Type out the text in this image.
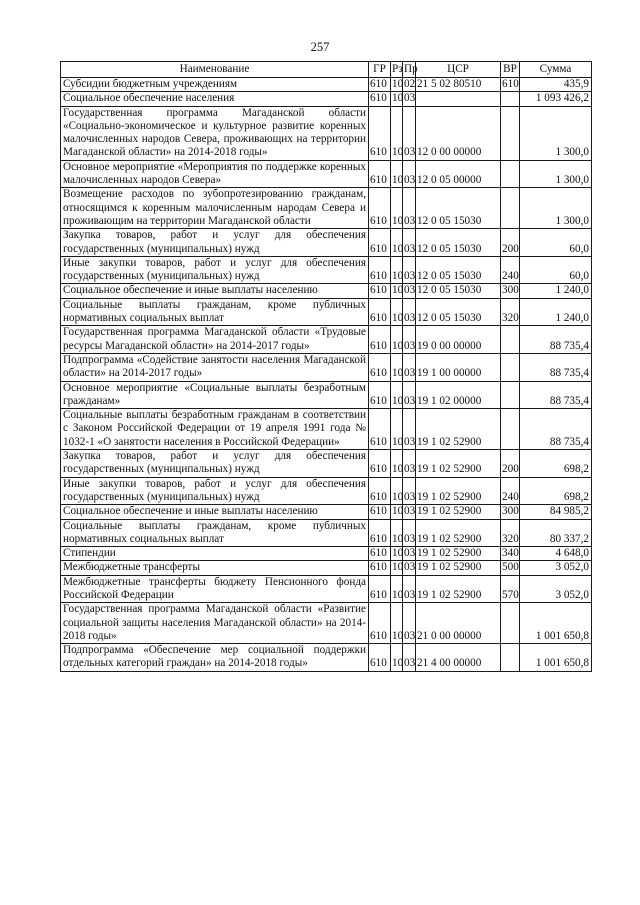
257
Наименование	ГР	Рз	Пр	ЦСР	ВР	Сумма
Субсидии бюджетным учреждениям	610	10	02	21 5 02 80510	610	435,9
Социальное обеспечение населения	610	10	03			1 093 426,2
Государственная программа Магаданской области «Социально-экономическое и культурное развитие коренных малочисленных народов Севера, проживающих на территории Магаданской области» на 2014-2018 годы»	610	10	03	12 0 00 00000		1 300,0
Основное мероприятие «Мероприятия по поддержке коренных малочисленных народов Севера»	610	10	03	12 0 05 00000		1 300,0
Возмещение расходов по зубопротезированию гражданам, относящимся к коренным малочисленным народам Севера и проживающим на территории Магаданской области	610	10	03	12 0 05 15030		1 300,0
Закупка товаров, работ и услуг для обеспечения государственных (муниципальных) нужд	610	10	03	12 0 05 15030	200	60,0
Иные закупки товаров, работ и услуг для обеспечения государственных (муниципальных) нужд	610	10	03	12 0 05 15030	240	60,0
Социальное обеспечение и иные выплаты населению	610	10	03	12 0 05 15030	300	1 240,0
Социальные выплаты гражданам, кроме публичных нормативных социальных выплат	610	10	03	12 0 05 15030	320	1 240,0
Государственная программа Магаданской области «Трудовые ресурсы Магаданской области» на 2014-2017 годы»	610	10	03	19 0 00 00000		88 735,4
Подпрограмма «Содействие занятости населения Магаданской области» на 2014-2017 годы»	610	10	03	19 1 00 00000		88 735,4
Основное мероприятие «Социальные выплаты безработным гражданам»	610	10	03	19 1 02 00000		88 735,4
Социальные выплаты безработным гражданам в соответствии с Законом Российской Федерации от 19 апреля 1991 года № 1032-1 «О занятости населения в Российской Федерации»	610	10	03	19 1 02 52900		88 735,4
Закупка товаров, работ и услуг для обеспечения государственных (муниципальных) нужд	610	10	03	19 1 02 52900	200	698,2
Иные закупки товаров, работ и услуг для обеспечения государственных (муниципальных) нужд	610	10	03	19 1 02 52900	240	698,2
Социальное обеспечение и иные выплаты населению	610	10	03	19 1 02 52900	300	84 985,2
Социальные выплаты гражданам, кроме публичных нормативных социальных выплат	610	10	03	19 1 02 52900	320	80 337,2
Стипендии	610	10	03	19 1 02 52900	340	4 648,0
Межбюджетные трансферты	610	10	03	19 1 02 52900	500	3 052,0
Межбюджетные трансферты бюджету Пенсионного фонда Российской Федерации	610	10	03	19 1 02 52900	570	3 052,0
Государственная программа Магаданской области «Развитие социальной защиты населения Магаданской области» на 2014-2018 годы»	610	10	03	21 0 00 00000		1 001 650,8
Подпрограмма «Обеспечение мер социальной поддержки отдельных категорий граждан» на 2014-2018 годы»	610	10	03	21 4 00 00000		1 001 650,8
